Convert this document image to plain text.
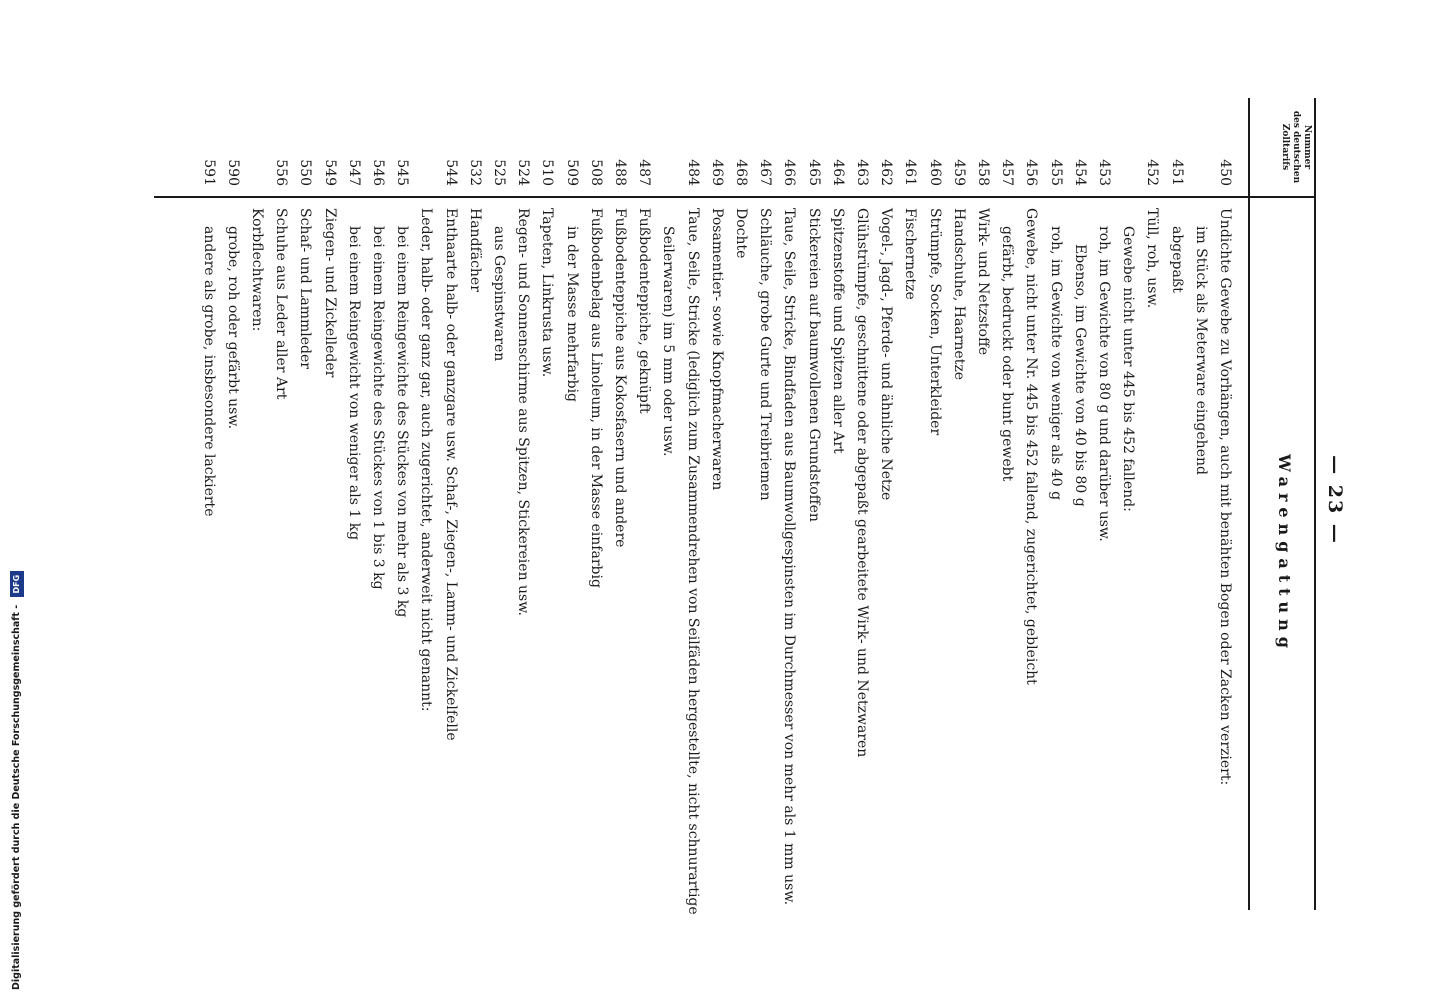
Digitalisierung gefördert durch die Deutsche Forschungsgemeinschaft - DFG
— 23 —
Nummer
des deutschen
Zolltarifs
Warengattung
450
Undichte Gewebe zu Vorhängen, auch mit benähten Bogen oder Zacken verziert:
im Stück als Meterware eingehend
451
abgepaßt
452
Tüll, roh, usw.
Gewebe nicht unter 445 bis 452 fallend:
453
roh, im Gewichte von 80 g und darüber usw.
454
Ebenso, im Gewichte von 40 bis 80 g
455
roh, im Gewichte von weniger als 40 g
456
Gewebe, nicht unter Nr. 445 bis 452 fallend, zugerichtet, gebleicht
457
gefärbt, bedruckt oder bunt gewebt
458
Wirk- und Netzstoffe
459
Handschuhe, Haarnetze
460
Strümpfe, Socken, Unterkleider
461
Fischernetze
462
Vogel-, Jagd-, Pferde- und ähnliche Netze
463
Glühstrümpfe, geschnittene oder abgepaßt gearbeitete Wirk- und Netzwaren
464
Spitzenstoffe und Spitzen aller Art
465
Stickereien auf baumwollenen Grundstoffen
466
Taue, Seile, Stricke, Bindfaden aus Baumwollgespinsten im Durchmesser von mehr als 1 mm usw.
467
Schläuche, grobe Gurte und Treibriemen
468
Dochte
469
Posamentier- sowie Knopfmacherwaren
484
Taue, Seile, Stricke (lediglich zum Zusammendrehen von Seilfäden hergestellte, nicht schnurartige
Seilerwaren) im 5 mm oder usw.
487
Fußbodenteppiche, geknüpft
488
Fußbodenteppiche aus Kokosfasern und andere
508
Fußbodenbelag aus Linoleum, in der Masse einfarbig
509
in der Masse mehrfarbig
510
Tapeten, Linkrusta usw.
524
Regen- und Sonnenschirme aus Spitzen, Stickereien usw.
525
aus Gespinstwaren
532
Handfächer
544
Enthaarte halb- oder ganzgare usw. Schaf-, Ziegen-, Lamm- und Zickelfelle
Leder, halb- oder ganz gar, auch zugerichtet, anderweit nicht genannt:
545
bei einem Reingewichte des Stückes von mehr als 3 kg
546
bei einem Reingewichte des Stückes von 1 bis 3 kg
547
bei einem Reingewicht von weniger als 1 kg
549
Ziegen- und Zickelleder
550
Schaf- und Lammleder
556
Schuhe aus Leder aller Art
Korbflechtwaren:
590
grobe, roh oder gefärbt usw.
591
andere als grobe, insbesondere lackierte
